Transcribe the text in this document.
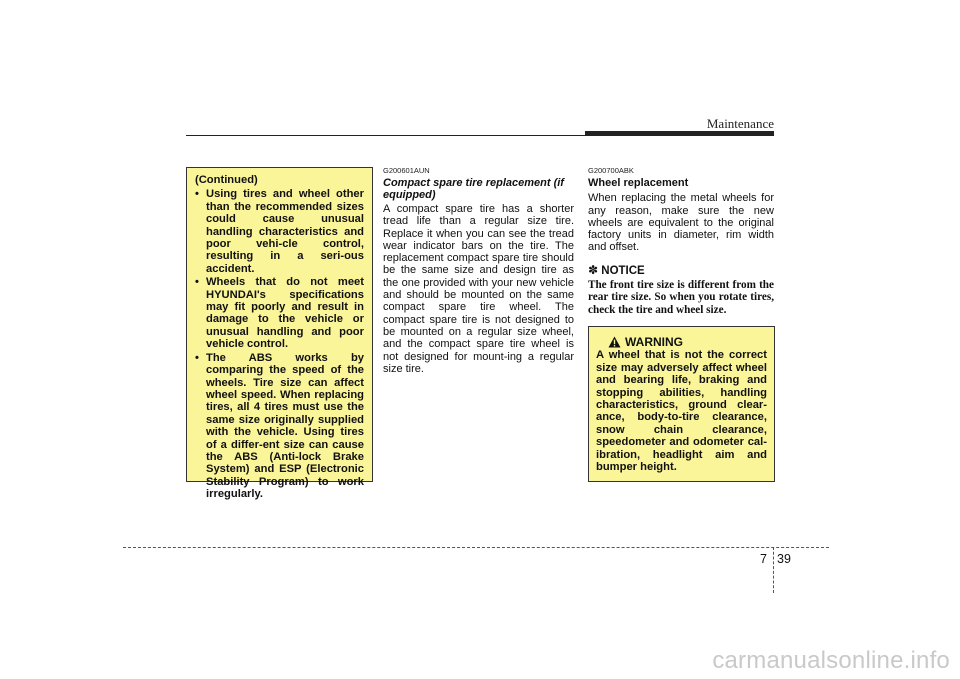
Maintenance
(Continued)
• Using tires and wheel other than the recommended sizes could cause unusual handling characteristics and poor vehi-cle control, resulting in a seri-ous accident.
• Wheels that do not meet HYUNDAI's specifications may fit poorly and result in damage to the vehicle or unusual handling and poor vehicle control.
• The ABS works by comparing the speed of the wheels. Tire size can affect wheel speed. When replacing tires, all 4 tires must use the same size originally supplied with the vehicle. Using tires of a differ-ent size can cause the ABS (Anti-lock Brake System) and ESP (Electronic Stability Program) to work irregularly.
G200601AUN
Compact spare tire replacement (if equipped)

A compact spare tire has a shorter tread life than a regular size tire. Replace it when you can see the tread wear indicator bars on the tire. The replacement compact spare tire should be the same size and design tire as the one provided with your new vehicle and should be mounted on the same compact spare tire wheel. The compact spare tire is not designed to be mounted on a regular size wheel, and the compact spare tire wheel is not designed for mount-ing a regular size tire.

G200700ABK
Wheel replacement

When replacing the metal wheels for any reason, make sure the new wheels are equivalent to the original factory units in diameter, rim width and offset.

✽ NOTICE

The front tire size is different from the rear tire size. So when you rotate tires, check the tire and wheel size.

WARNING

A wheel that is not the correct size may adversely affect wheel and bearing life, braking and stopping abilities, handling characteristics, ground clear-ance, body-to-tire clearance, snow chain clearance, speedometer and odometer cal-ibration, headlight aim and bumper height.

7 39
carmanualsonline.info
